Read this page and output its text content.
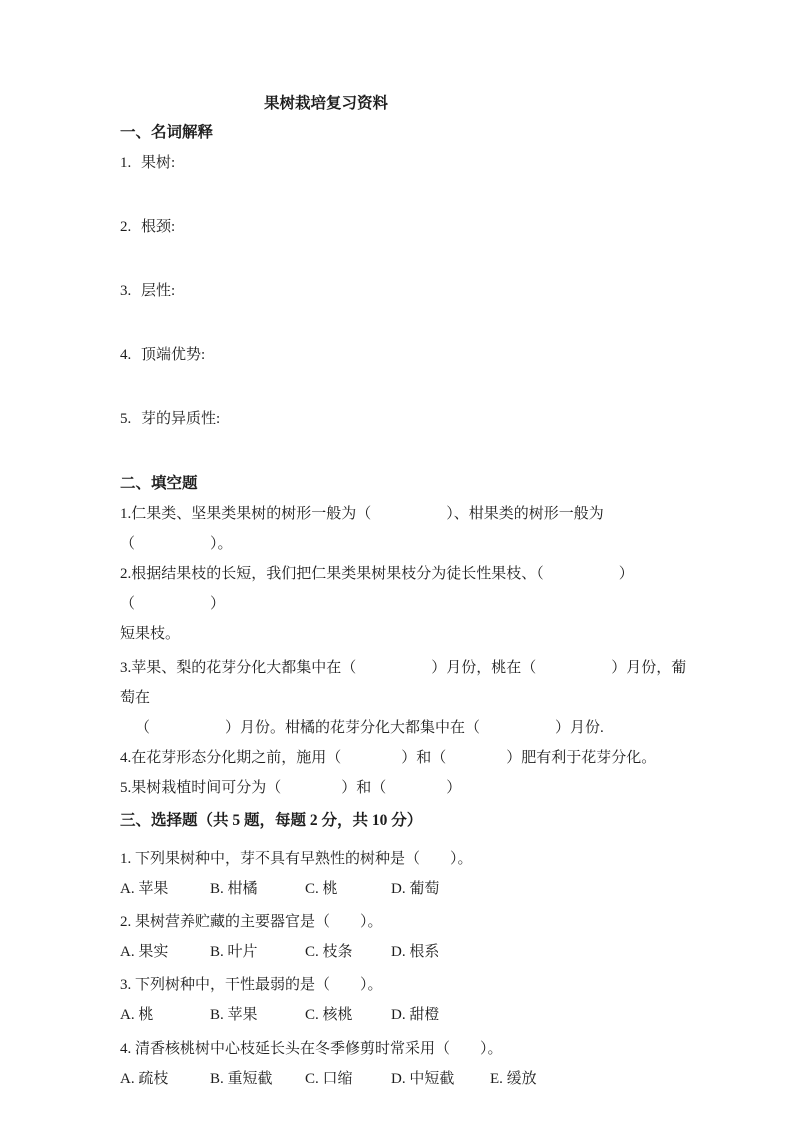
果树栽培复习资料
一、名词解释
1. 果树:
2. 根颈:
3. 层性:
4. 顶端优势:
5. 芽的异质性:
二、填空题
1.仁果类、坚果类果树的树形一般为（　　　　　）、柑果类的树形一般为（　　　　　）。
2.根据结果枝的长短，我们把仁果类果树果枝分为徒长性果枝、（　　　　　）（　　　　　）
短果枝。
3.苹果、梨的花芽分化大都集中在（　　　　　）月份，桃在（　　　　　）月份，葡萄在
（　　　　　）月份。柑橘的花芽分化大都集中在（　　　　　）月份.
4.在花芽形态分化期之前，施用（　　　　）和（　　　　）肥有利于花芽分化。
5.果树栽植时间可分为（　　　　）和（　　　　）
三、选择题（共 5 题，每题 2 分，共 10 分）
1. 下列果树种中，芽不具有早熟性的树种是（　　）。
A. 苹果	B. 柑橘	C. 桃	D. 葡萄
2. 果树营养贮藏的主要器官是（　　）。
A. 果实	B. 叶片	C. 枝条	D. 根系
3. 下列树种中，干性最弱的是（　　）。
A. 桃	B. 苹果	C. 核桃	D. 甜橙
4. 清香核桃树中心枝延长头在冬季修剪时常采用（　　）。
A. 疏枝	B. 重短截 C. 口缩	D. 中短截 E. 缓放
